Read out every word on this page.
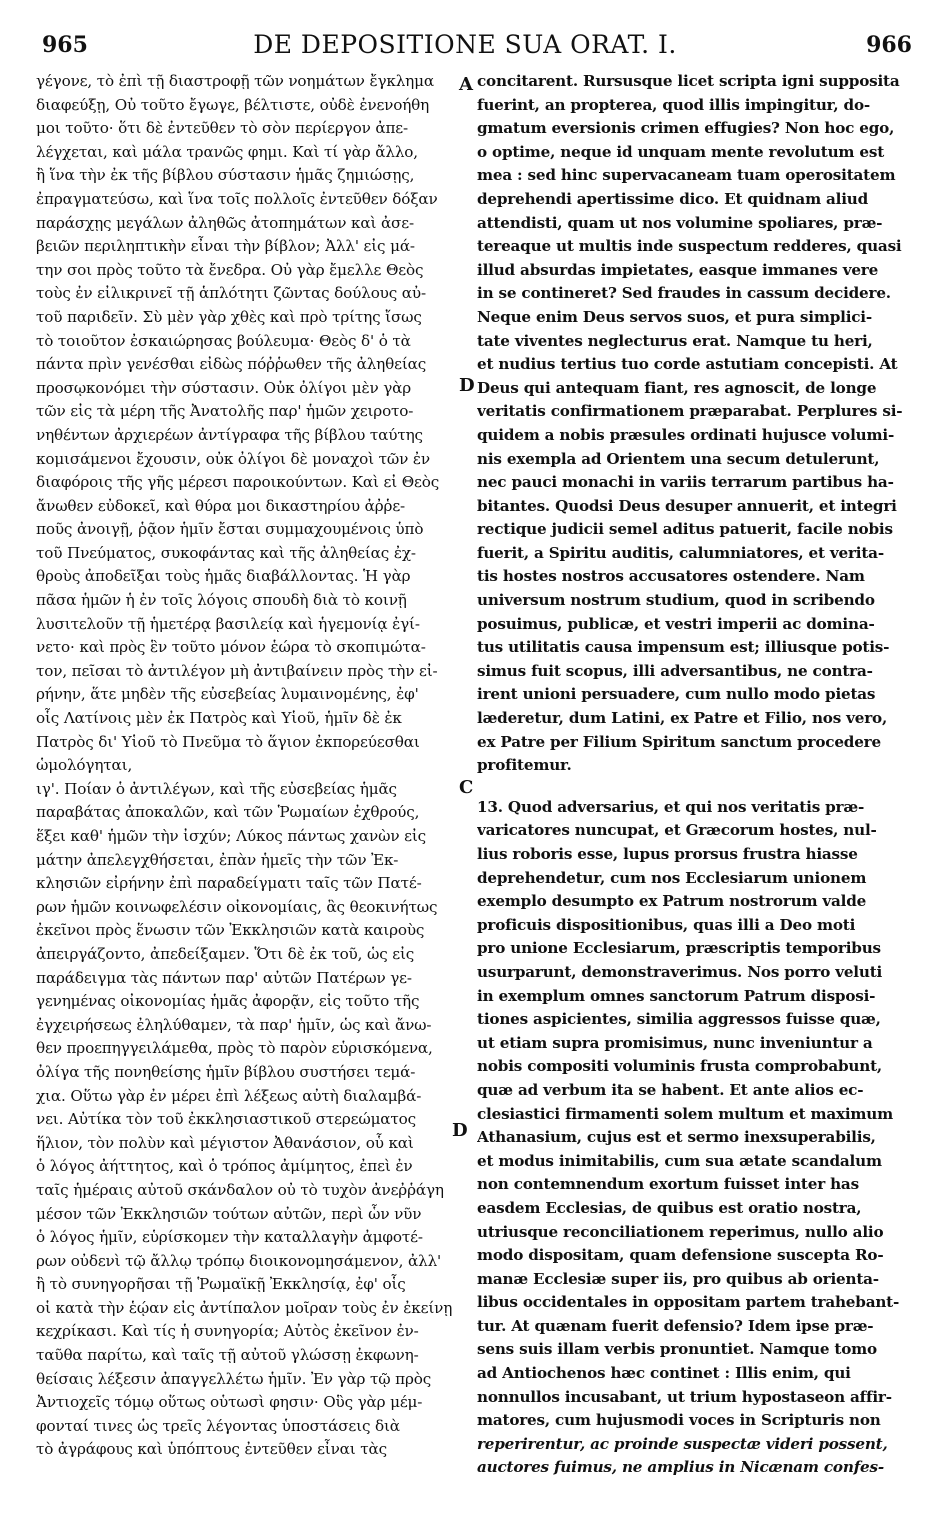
965	DE DEPOSITIONE SUA ORAT. I.	966
γέγονε, τὸ ἐπὶ τῇ διαστροφῇ τῶν νοημάτων ἔγκλημα
διαφεύξῃ, Οὐ τοῦτο ἔγωγε, βέλτιστε, οὐδὲ ἐνενοήθη
μοι τοῦτο· ὅτι δὲ ἐντεῦθεν τὸ σὸν περίεργον ἀπε-
λέγχεται, καὶ μάλα τρανῶς φημι. Καὶ τί γὰρ ἄλλο,
ἢ ἵνα τὴν ἐκ τῆς βίβλου σύστασιν ἡμᾶς ζημιώσῃς,
ἐπραγματεύσω, καὶ ἵνα τοῖς πολλοῖς ἐντεῦθεν δόξαν
παράσχῃς μεγάλων ἀληθῶς ἀτοπημάτων καὶ ἀσε-
βειῶν περιληπτικὴν εἶναι τὴν βίβλον; Ἀλλ' εἰς μά-
την σοι πρὸς τοῦτο τὰ ἔνεδρα. Οὐ γὰρ ἔμελλε Θεὸς
τοὺς ἐν εἰλικρινεῖ τῇ ἁπλότητι ζῶντας δούλους αὐ-
τοῦ παριδεῖν. Σὺ μὲν γὰρ χθὲς καὶ πρὸ τρίτης ἴσως
τὸ τοιοῦτον ἐσκαιώρησας βούλευμα· Θεὸς δ' ὁ τὰ
πάντα πρὶν γενέσθαι εἰδὼς πόῤῥωθεν τῆς ἀληθείας
προσῳκονόμει τὴν σύστασιν. Οὐκ ὀλίγοι μὲν γὰρ
τῶν εἰς τὰ μέρη τῆς Ἀνατολῆς παρ' ἡμῶν χειροτο-
νηθέντων ἀρχιερέων ἀντίγραφα τῆς βίβλου ταύτης
κομισάμενοι ἔχουσιν, οὐκ ὀλίγοι δὲ μοναχοὶ τῶν ἐν
διαφόροις τῆς γῆς μέρεσι παροικούντων. Καὶ εἰ Θεὸς
ἄνωθεν εὐδοκεῖ, καὶ θύρα μοι δικαστηρίου ἀῤῥε-
ποῦς ἀνοιγῇ, ῥᾷον ἡμῖν ἔσται συμμαχουμένοις ὑπὸ
τοῦ Πνεύματος, συκοφάντας καὶ τῆς ἀληθείας ἐχ-
θροὺς ἀποδεῖξαι τοὺς ἡμᾶς διαβάλλοντας. Ἡ γὰρ
πᾶσα ἡμῶν ἡ ἐν τοῖς λόγοις σπουδὴ διὰ τὸ κοινῇ
λυσιτελοῦν τῇ ἡμετέρᾳ βασιλείᾳ καὶ ἡγεμονίᾳ ἐγί-
νετο· καὶ πρὸς ἓν τοῦτο μόνον ἑώρα τὸ σκοπιμώτα-
τον, πεῖσαι τὸ ἀντιλέγον μὴ ἀντιβαίνειν πρὸς τὴν εἰ-
ρήνην, ἅτε μηδὲν τῆς εὐσεβείας λυμαινομένης, ἐφ'
οἷς Λατίνοις μὲν ἐκ Πατρὸς καὶ Υἱοῦ, ἡμῖν δὲ ἐκ
Πατρὸς δι' Υἱοῦ τὸ Πνεῦμα τὸ ἅγιον ἐκπορεύεσθαι
ὡμολόγηται,
ιγ'. Ποίαν ὁ ἀντιλέγων, καὶ τῆς εὐσεβείας ἡμᾶς
παραβάτας ἀποκαλῶν, καὶ τῶν Ῥωμαίων ἐχθρούς,
ἕξει καθ' ἡμῶν τὴν ἰσχύν; Λύκος πάντως χανὼν εἰς
μάτην ἀπελεγχθήσεται, ἐπὰν ἡμεῖς τὴν τῶν Ἐκ-
κλησιῶν εἰρήνην ἐπὶ παραδείγματι ταῖς τῶν Πατέ-
ρων ἡμῶν κοινωφελέσιν οἰκονομίαις, ἃς θεοκινήτως
ἐκεῖνοι πρὸς ἕνωσιν τῶν Ἐκκλησιῶν κατὰ καιροὺς
ἀπειργάζοντο, ἀπεδείξαμεν. Ὅτι δὲ ἐκ τοῦ, ὡς εἰς
παράδειγμα τὰς πάντων παρ' αὐτῶν Πατέρων γε-
γενημένας οἰκονομίας ἡμᾶς ἀφορᾷν, εἰς τοῦτο τῆς
ἐγχειρήσεως ἐληλύθαμεν, τὰ παρ' ἡμῖν, ὡς καὶ ἄνω-
θεν προεπηγγειλάμεθα, πρὸς τὸ παρὸν εὑρισκόμενα,
ὀλίγα τῆς πονηθείσης ἡμῖν βίβλου συστήσει τεμά-
χια. Οὕτω γὰρ ἐν μέρει ἐπὶ λέξεως αὐτὴ διαλαμβά-
νει. Αὐτίκα τὸν τοῦ ἐκκλησιαστικοῦ στερεώματος
ἥλιον, τὸν πολὺν καὶ μέγιστον Ἀθανάσιον, οὗ καὶ
ὁ λόγος ἀήττητος, καὶ ὁ τρόπος ἀμίμητος, ἐπεὶ ἐν
ταῖς ἡμέραις αὐτοῦ σκάνδαλον οὐ τὸ τυχὸν ἀνεῤῥάγη
μέσον τῶν Ἐκκλησιῶν τούτων αὐτῶν, περὶ ὧν νῦν
ὁ λόγος ἡμῖν, εὑρίσκομεν τὴν καταλλαγὴν ἀμφοτέ-
ρων οὐδενὶ τῷ ἄλλῳ τρόπῳ διοικονομησάμενον, ἀλλ'
ἢ τὸ συνηγορῆσαι τῇ Ῥωμαϊκῇ Ἐκκλησίᾳ, ἐφ' οἷς
οἱ κατὰ τὴν ἑῴαν εἰς ἀντίπαλον μοῖραν τοὺς ἐν ἐκείνῃ
κεχρίκασι. Καὶ τίς ἡ συνηγορία; Αὐτὸς ἐκεῖνον ἐν-
ταῦθα παρίτω, καὶ ταῖς τῇ αὐτοῦ γλώσσῃ ἐκφωνη-
θείσαις λέξεσιν ἀπαγγελλέτω ἡμῖν. Ἐν γὰρ τῷ πρὸς
Ἀντιοχεῖς τόμῳ οὕτως οὑτωσὶ φησιν· Οὓς γὰρ μέμ-
φονταί τινες ὡς τρεῖς λέγοντας ὑποστάσεις διὰ
τὸ ἀγράφους καὶ ὑπόπτους ἐντεῦθεν εἶναι τὰς
A
D
C
D
concitarent. Rursusque licet scripta igni supposita
fuerint, an propterea, quod illis impingitur, do-
gmatum eversionis crimen effugies? Non hoc ego,
o optime, neque id unquam mente revolutum est
mea : sed hinc supervacaneam tuam operositatem
deprehendi apertissime dico. Et quidnam aliud
attendisti, quam ut nos volumine spoliares, præ-
tereaque ut multis inde suspectum redderes, quasi
illud absurdas impietates, easque immanes vere
in se contineret? Sed fraudes in cassum decidere.
Neque enim Deus servos suos, et pura simplici-
tate viventes neglecturus erat. Namque tu heri,
et nudius tertius tuo corde astutiam concepisti. At
Deus qui antequam fiant, res agnoscit, de longe
veritatis confirmationem præparabat. Perplures si-
quidem a nobis præsules ordinati hujusce volumi-
nis exempla ad Orientem una secum detulerunt,
nec pauci monachi in variis terrarum partibus ha-
bitantes. Quodsi Deus desuper annuerit, et integri
rectique judicii semel aditus patuerit, facile nobis
fuerit, a Spiritu auditis, calumniatores, et verita-
tis hostes nostros accusatores ostendere. Nam
universum nostrum studium, quod in scribendo
posuimus, publicæ, et vestri imperii ac domina-
tus utilitatis causa impensum est; illiusque potis-
simus fuit scopus, illi adversantibus, ne contra-
irent unioni persuadere, cum nullo modo pietas
læderetur, dum Latini, ex Patre et Filio, nos vero,
ex Patre per Filium Spiritum sanctum procedere
profitemur.
13. Quod adversarius, et qui nos veritatis præ-
varicatores nuncupat, et Græcorum hostes, nul-
lius roboris esse, lupus prorsus frustra hiasse
deprehendetur, cum nos Ecclesiarum unionem
exemplo desumpto ex Patrum nostrorum valde
proficuis dispositionibus, quas illi a Deo moti
pro unione Ecclesiarum, præscriptis temporibus
usurparunt, demonstraverimus. Nos porro veluti
in exemplum omnes sanctorum Patrum disposi-
tiones aspicientes, similia aggressos fuisse quæ,
ut etiam supra promisimus, nunc inveniuntur a
nobis compositi voluminis frusta comprobabunt,
quæ ad verbum ita se habent. Et ante alios ec-
clesiastici firmamenti solem multum et maximum
Athanasium, cujus est et sermo inexsuperabilis,
et modus inimitabilis, cum sua ætate scandalum
non contemnendum exortum fuisset inter has
easdem Ecclesias, de quibus est oratio nostra,
utriusque reconciliationem reperimus, nullo alio
modo dispositam, quam defensione suscepta Ro-
manæ Ecclesiæ super iis, pro quibus ab orienta-
libus occidentales in oppositam partem trahebant-
tur. At quænam fuerit defensio? Idem ipse præ-
sens suis illam verbis pronuntiet. Namque tomo
ad Antiochenos hæc continet : Illis enim, qui
nonnullos incusabant, ut trium hypostaseon affir-
matores, cum hujusmodi voces in Scripturis non
reperirentur, ac proinde suspectæ videri possent,
auctores fuimus, ne amplius in Nicænam confes-
